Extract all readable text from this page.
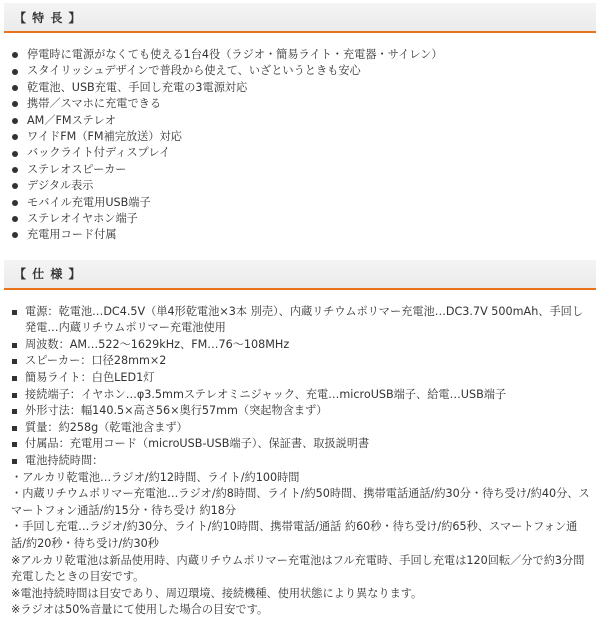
【 特 長 】
停電時に電源がなくても使える1台4役（ラジオ・簡易ライト・充電器・サイレン）
スタイリッシュデザインで普段から使えて、いざというときも安心
乾電池、USB充電、手回し充電の3電源対応
携帯／スマホに充電できる
AM／FMステレオ
ワイドFM（FM補完放送）対応
バックライト付ディスプレイ
ステレオスピーカー
デジタル表示
モバイル充電用USB端子
ステレオイヤホン端子
充電用コード付属
【 仕 様 】
電源：乾電池…DC4.5V（単4形乾電池×3本 別売）、内蔵リチウムポリマー充電池…DC3.7V 500mAh、手回し発電…内蔵リチウムポリマー充電池使用
周波数：AM…522〜1629kHz、FM…76〜108MHz
スピーカー：口径28mm×2
簡易ライト：白色LED1灯
接続端子：イヤホン…φ3.5mmステレオミニジャック、充電…microUSB端子、給電…USB端子
外形寸法：幅140.5×高さ56×奥行57mm（突起物含まず）
質量：約258g（乾電池含まず）
付属品：充電用コード（microUSB-USB端子）、保証書、取扱説明書
電池持続時間：
・アルカリ乾電池…ラジオ/約12時間、ライト/約100時間
・内蔵リチウムポリマー充電池…ラジオ/約8時間、ライト/約50時間、携帯電話通話/約30分・待ち受け/約40分、スマートフォン通話/約15分・待ち受け 約18分
・手回し充電…ラジオ/約30分、ライト/約10時間、携帯電話/通話 約60秒・待ち受け/約65秒、スマートフォン通話/約20秒・待ち受け/約30秒
※アルカリ乾電池は新品使用時、内蔵リチウムポリマー充電池はフル充電時、手回し充電は120回転／分で約3分間充電したときの目安です。
※電池持続時間は目安であり、周辺環境、接続機種、使用状態により異なります。
※ラジオは50%音量にて使用した場合の目安です。
